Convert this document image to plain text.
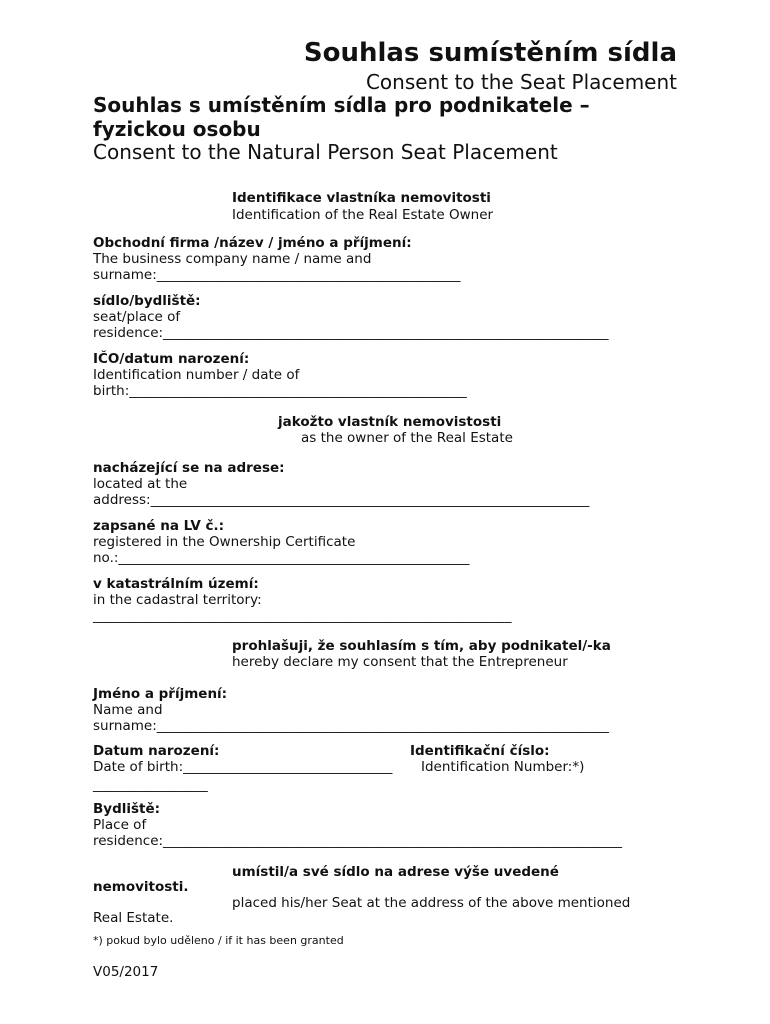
Souhlas sumístěním sídla
Consent to the Seat Placement
Souhlas s umístěním sídla pro podnikatele – fyzickou osobu
Consent to the Natural Person Seat Placement
Identifikace vlastníka nemovitosti
Identification of the Real Estate Owner
Obchodní firma /název / jméno a příjmení:
The business company name / name and
surname:_____________________________________________
sídlo/bydliště:
seat/place of
residence:__________________________________________________________________
IČO/datum narození:
Identification number / date of
birth:__________________________________________________
jakožto vlastník nemovistosti
as the owner of the Real Estate
nacházející se na adrese:
located at the
address:_________________________________________________________________
zapsané na LV č.:
registered in the Ownership Certificate
no.:____________________________________________________
v katastrálním území:
in the cadastral territory:
______________________________________________________________
prohlašuji, že souhlasím s tím, aby podnikatel/-ka
hereby declare my consent that the Entrepreneur
Jméno a příjmení:
Name and
surname:___________________________________________________________________
Datum narození:
Date of birth:_______________________________
_________________
Identifikační číslo:
Identification Number:*)
Bydliště:
Place of
residence:____________________________________________________________________
umístil/a své sídlo na adrese výše uvedené
nemovitosti.
placed his/her Seat at the address of the above mentioned
Real Estate.
*) pokud bylo uděleno / if it has been granted
V05/2017
